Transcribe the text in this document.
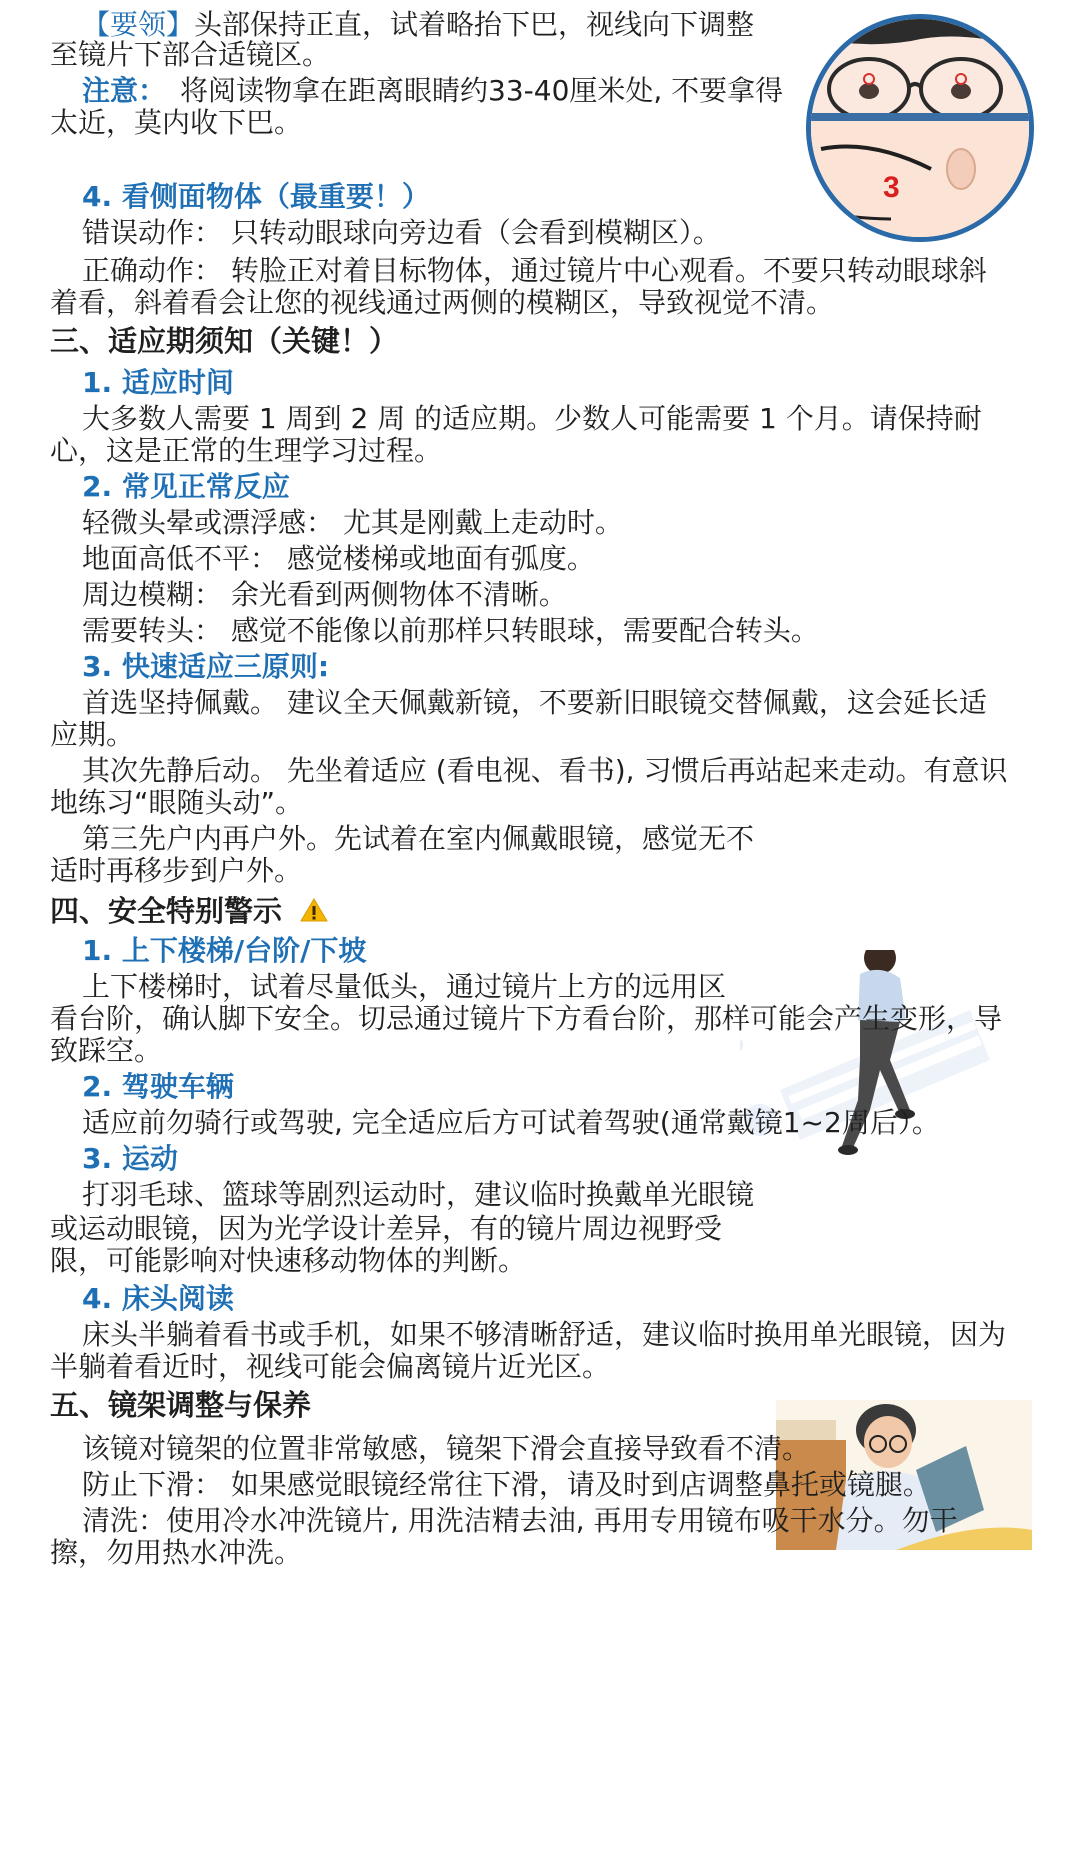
【要领】头部保持正直，试着略抬下巴，视线向下调整
至镜片下部合适镜区。
注意： 将阅读物拿在距离眼睛约33-40厘米处, 不要拿得
太近，莫内收下巴。
3
4. 看侧面物体（最重要！）
错误动作： 只转动眼球向旁边看（会看到模糊区）。
正确动作： 转脸正对着目标物体，通过镜片中心观看。不要只转动眼球斜
着看，斜着看会让您的视线通过两侧的模糊区，导致视觉不清。
三、适应期须知（关键！）
1. 适应时间
大多数人需要 1 周到 2 周 的适应期。少数人可能需要 1 个月。请保持耐
心，这是正常的生理学习过程。
2. 常见正常反应
轻微头晕或漂浮感： 尤其是刚戴上走动时。
地面高低不平： 感觉楼梯或地面有弧度。
周边模糊： 余光看到两侧物体不清晰。
需要转头： 感觉不能像以前那样只转眼球，需要配合转头。
3. 快速适应三原则:
首选坚持佩戴。 建议全天佩戴新镜，不要新旧眼镜交替佩戴，这会延长适
应期。
其次先静后动。 先坐着适应 (看电视、看书), 习惯后再站起来走动。有意识
地练习“眼随头动”。
第三先户内再户外。先试着在室内佩戴眼镜，感觉无不
适时再移步到户外。
四、安全特别警示
1. 上下楼梯/台阶/下坡
上下楼梯时，试着尽量低头，通过镜片上方的远用区
看台阶，确认脚下安全。切忌通过镜片下方看台阶，那样可能会产生变形，导
致踩空。
2. 驾驶车辆
适应前勿骑行或驾驶, 完全适应后方可试着驾驶(通常戴镜1~2周后）。
3. 运动
打羽毛球、篮球等剧烈运动时，建议临时换戴单光眼镜
或运动眼镜，因为光学设计差异，有的镜片周边视野受
限，可能影响对快速移动物体的判断。
4. 床头阅读
床头半躺着看书或手机，如果不够清晰舒适，建议临时换用单光眼镜，因为
半躺着看近时，视线可能会偏离镜片近光区。
五、镜架调整与保养
该镜对镜架的位置非常敏感，镜架下滑会直接导致看不清。
防止下滑： 如果感觉眼镜经常往下滑，请及时到店调整鼻托或镜腿。
清洗：使用冷水冲洗镜片, 用洗洁精去油, 再用专用镜布吸干水分。勿干
擦，勿用热水冲洗。
